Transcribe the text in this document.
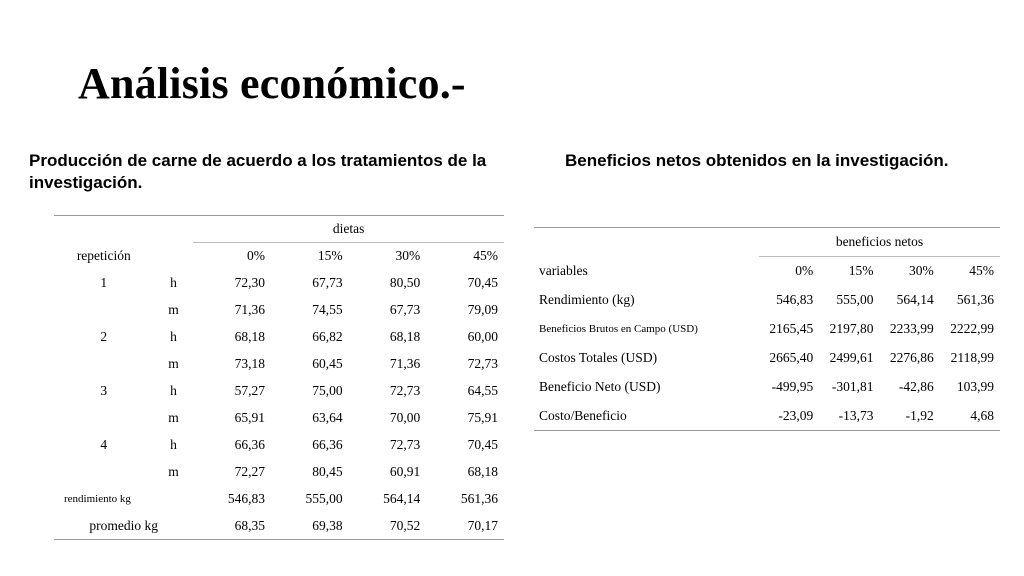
Análisis económico.-
Producción de carne de acuerdo a los tratamientos de la investigación.
Beneficios netos obtenidos en la investigación.
		dietas			
repetición		0%	15%	30%	45%
1	h	72,30	67,73	80,50	70,45
	m	71,36	74,55	67,73	79,09
2	h	68,18	66,82	68,18	60,00
	m	73,18	60,45	71,36	72,73
3	h	57,27	75,00	72,73	64,55
	m	65,91	63,64	70,00	75,91
4	h	66,36	66,36	72,73	70,45
	m	72,27	80,45	60,91	68,18
rendimiento kg		546,83	555,00	564,14	561,36
promedio kg		68,35	69,38	70,52	70,17
	beneficios netos			
variables	0%	15%	30%	45%
Rendimiento (kg)	546,83	555,00	564,14	561,36
Beneficios Brutos en Campo (USD)	2165,45	2197,80	2233,99	2222,99
Costos Totales (USD)	2665,40	2499,61	2276,86	2118,99
Beneficio Neto (USD)	-499,95	-301,81	-42,86	103,99
Costo/Beneficio	-23,09	-13,73	-1,92	4,68
